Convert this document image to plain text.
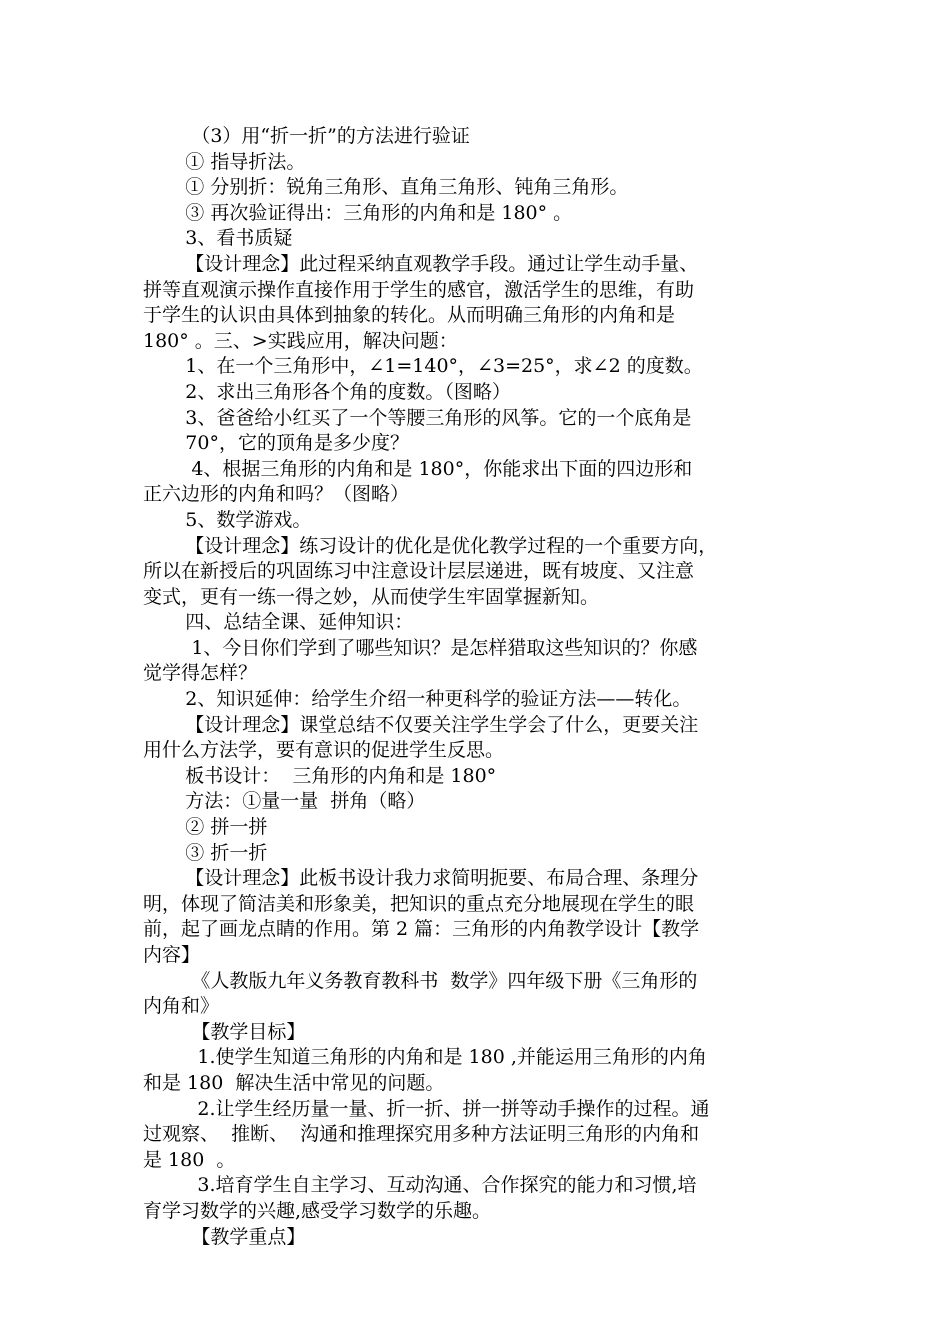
（3）用“折一折”的方法进行验证
① 指导折法。
① 分别折：锐角三角形、直角三角形、钝角三角形。
③ 再次验证得出：三角形的内角和是 180° 。
3、看书质疑
【设计理念】此过程采纳直观教学手段。通过让学生动手量、
拼等直观演示操作直接作用于学生的感官，激活学生的思维，有助
于学生的认识由具体到抽象的转化。从而明确三角形的内角和是
180° 。三、>实践应用，解决问题：
1、在一个三角形中，∠1=140°，∠3=25°，求∠2 的度数。
2、求出三角形各个角的度数。（图略）
3、爸爸给小红买了一个等腰三角形的风筝。它的一个底角是
70°，它的顶角是多少度？
4、根据三角形的内角和是 180°，你能求出下面的四边形和
正六边形的内角和吗？（图略）
5、数学游戏。
【设计理念】练习设计的优化是优化教学过程的一个重要方向，
所以在新授后的巩固练习中注意设计层层递进，既有坡度、又注意
变式，更有一练一得之妙，从而使学生牢固掌握新知。
四、总结全课、延伸知识：
1、今日你们学到了哪些知识？是怎样猎取这些知识的？你感
觉学得怎样？
2、知识延伸：给学生介绍一种更科学的验证方法——转化。
【设计理念】课堂总结不仅要关注学生学会了什么，更要关注
用什么方法学，要有意识的促进学生反思。
板书设计：  三角形的内角和是 180°
方法：①量一量  拼角（略）
② 拼一拼
③ 折一折
【设计理念】此板书设计我力求简明扼要、布局合理、条理分
明，体现了简洁美和形象美，把知识的重点充分地展现在学生的眼
前，起了画龙点睛的作用。第 2 篇：三角形的内角教学设计【教学
内容】
《人教版九年义务教育教科书  数学》四年级下册《三角形的
内角和》
【教学目标】
1.使学生知道三角形的内角和是 180 ,并能运用三角形的内角
和是 180  解决生活中常见的问题。
2.让学生经历量一量、折一折、拼一拼等动手操作的过程。通
过观察、  推断、  沟通和推理探究用多种方法证明三角形的内角和
是 180  。
3.培育学生自主学习、互动沟通、合作探究的能力和习惯,培
育学习数学的兴趣,感受学习数学的乐趣。
【教学重点】
